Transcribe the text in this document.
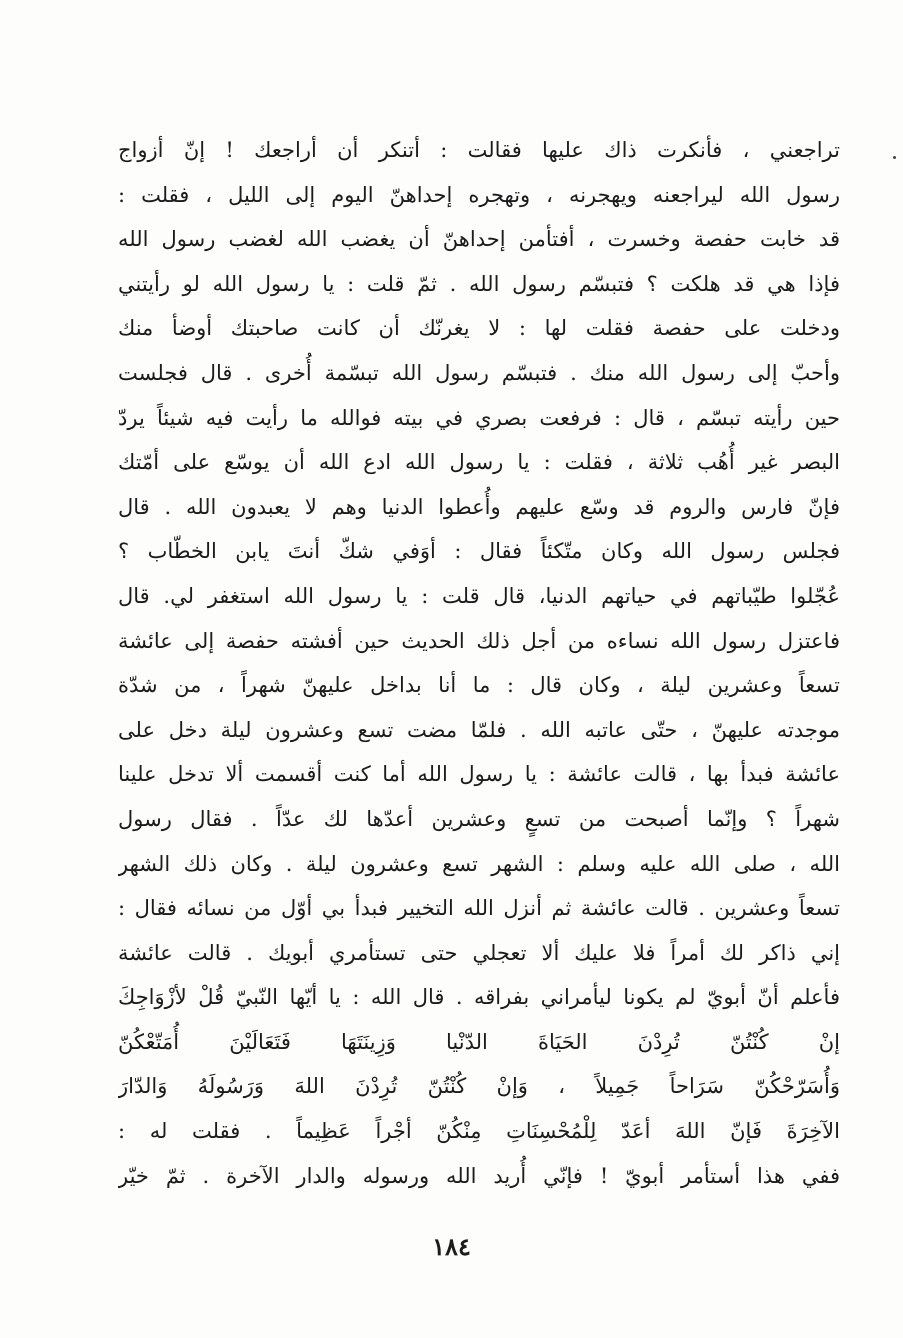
تراجعني ، فأنكرت ذاك عليها فقالت : أتنكر أن أراجعك ! إنّ أزواج
رسول الله ليراجعنه ويهجرنه ، وتهجره إحداهنّ اليوم إلى الليل ، فقلت :
قد خابت حفصة وخسرت ، أفتأمن إحداهنّ أن يغضب الله لغضب رسول الله
فإذا هي قد هلكت ؟ فتبسّم رسول الله . ثمّ قلت : يا رسول الله لو رأيتني
ودخلت على حفصة فقلت لها : لا يغرنّك أن كانت صاحبتك أوضأ منك
وأحبّ إلى رسول الله منك . فتبسّم رسول الله تبسّمة أُخرى . قال فجلست
حين رأيته تبسّم ، قال : فرفعت بصري في بيته فوالله ما رأيت فيه شيئاً يردّ
البصر غير أُهُب ثلاثة ، فقلت : يا رسول الله ادع الله أن يوسّع على أمّتك
فإنّ فارس والروم قد وسّع عليهم وأُعطوا الدنيا وهم لا يعبدون الله . قال
فجلس رسول الله وكان متّكئاً فقال : أوَفي شكّ أنتَ يابن الخطّاب ؟
عُجّلوا طيّباتهم في حياتهم الدنيا، قال قلت : يا رسول الله استغفر لي. قال
فاعتزل رسول الله نساءه من أجل ذلك الحديث حين أفشته حفصة إلى عائشة
تسعاً وعشرين ليلة ، وكان قال : ما أنا بداخل عليهنّ شهراً ، من شدّة
موجدته عليهنّ ، حتّى عاتبه الله . فلمّا مضت تسع وعشرون ليلة دخل على
عائشة فبدأ بها ، قالت عائشة : يا رسول الله أما كنت أقسمت ألا تدخل علينا
شهراً ؟ وإنّما أصبحت من تسعٍ وعشرين أعدّها لك عدّاً . فقال رسول
الله ، صلى الله عليه وسلم : الشهر تسع وعشرون ليلة . وكان ذلك الشهر
تسعاً وعشرين . قالت عائشة ثم أنزل الله التخيير فبدأ بي أوّل من نسائه فقال :
إني ذاكر لك أمراً فلا عليك ألا تعجلي حتى تستأمري أبويك . قالت عائشة
فأعلم أنّ أبويّ لم يكونا ليأمراني بفراقه . قال الله : يا أيّها النّبيّ قُلْ لأزْوَاجِكَ
إنْ كُنْتُنّ تُرِدْنَ الحَيَاةَ الدّنْيا وَزِينَتَهَا فَتَعَالَيْنَ أُمَتّعْكُنّ
وَأُسَرّحْكُنّ سَرَاحاً جَمِيلاً ، وَإنْ كُنْتُنّ تُرِدْنَ اللهَ وَرَسُولَهُ وَالدّارَ
الآخِرَةَ فَإنّ اللهَ أعَدّ لِلْمُحْسِنَاتِ مِنْكُنّ أجْراً عَظِيماً . فقلت له :
ففي هذا أستأمر أبويّ ! فإنّي أُريد الله ورسوله والدار الآخرة . ثمّ خيّر
١٨٤
